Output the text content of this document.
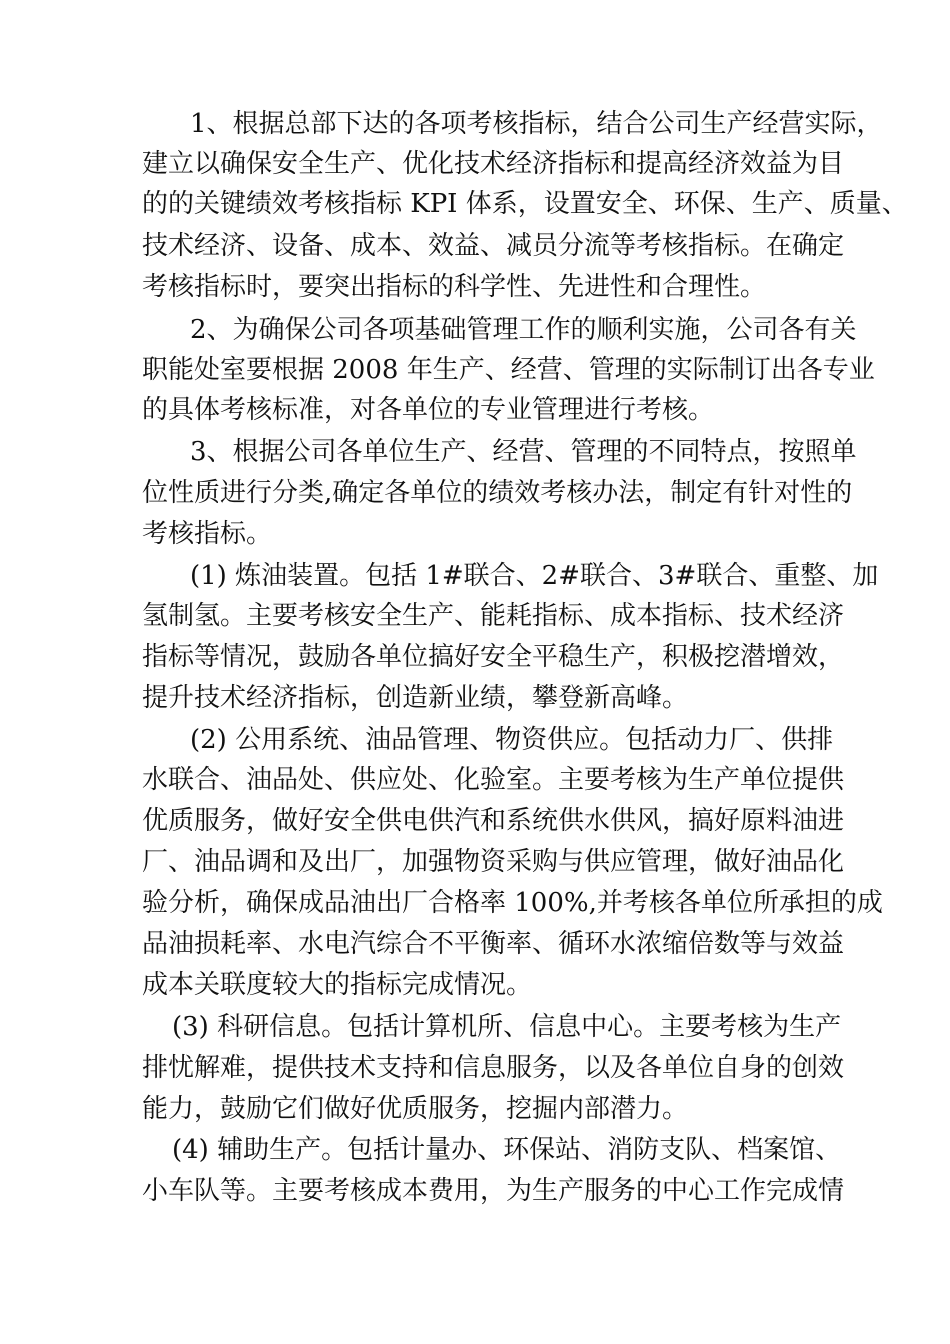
1、根据总部下达的各项考核指标，结合公司生产经营实际，

建立以确保安全生产、优化技术经济指标和提高经济效益为目

的的关键绩效考核指标 KPI 体系，设置安全、环保、生产、质量、

技术经济、设备、成本、效益、减员分流等考核指标。在确定

考核指标时，要突出指标的科学性、先进性和合理性。

2、为确保公司各项基础管理工作的顺利实施，公司各有关

职能处室要根据 2008 年生产、经营、管理的实际制订出各专业

的具体考核标准，对各单位的专业管理进行考核。

3、根据公司各单位生产、经营、管理的不同特点，按照单

位性质进行分类,确定各单位的绩效考核办法，制定有针对性的

考核指标。

(1) 炼油装置。包括 1#联合、2#联合、3#联合、重整、加

氢制氢。主要考核安全生产、能耗指标、成本指标、技术经济

指标等情况，鼓励各单位搞好安全平稳生产，积极挖潜增效，

提升技术经济指标，创造新业绩，攀登新高峰。

(2) 公用系统、油品管理、物资供应。包括动力厂、供排

水联合、油品处、供应处、化验室。主要考核为生产单位提供

优质服务，做好安全供电供汽和系统供水供风，搞好原料油进

厂、油品调和及出厂，加强物资采购与供应管理，做好油品化

验分析，确保成品油出厂合格率 100%,并考核各单位所承担的成

品油损耗率、水电汽综合不平衡率、循环水浓缩倍数等与效益

成本关联度较大的指标完成情况。

(3) 科研信息。包括计算机所、信息中心。主要考核为生产

排忧解难，提供技术支持和信息服务，以及各单位自身的创效

能力，鼓励它们做好优质服务，挖掘内部潜力。

(4) 辅助生产。包括计量办、环保站、消防支队、档案馆、

小车队等。主要考核成本费用，为生产服务的中心工作完成情
